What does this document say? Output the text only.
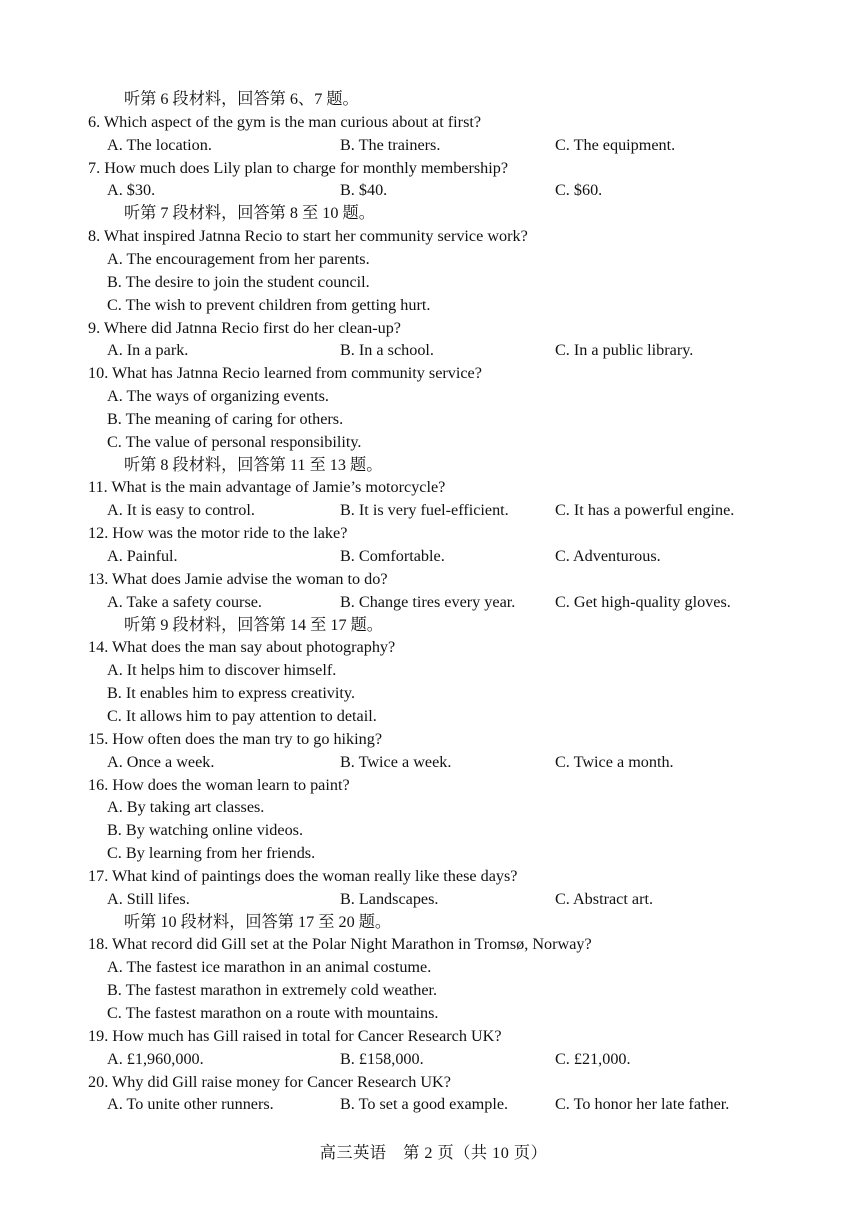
听第 6 段材料，回答第 6、7 题。
6. Which aspect of the gym is the man curious about at first?
A. The location.	B. The trainers.	C. The equipment.
7. How much does Lily plan to charge for monthly membership?
A. $30.	B. $40.	C. $60.
听第 7 段材料，回答第 8 至 10 题。
8. What inspired Jatnna Recio to start her community service work?
A. The encouragement from her parents.
B. The desire to join the student council.
C. The wish to prevent children from getting hurt.
9. Where did Jatnna Recio first do her clean-up?
A. In a park.	B. In a school.	C. In a public library.
10. What has Jatnna Recio learned from community service?
A. The ways of organizing events.
B. The meaning of caring for others.
C. The value of personal responsibility.
听第 8 段材料，回答第 11 至 13 题。
11. What is the main advantage of Jamie’s motorcycle?
A. It is easy to control.	B. It is very fuel-efficient.	C. It has a powerful engine.
12. How was the motor ride to the lake?
A. Painful.	B. Comfortable.	C. Adventurous.
13. What does Jamie advise the woman to do?
A. Take a safety course.	B. Change tires every year. C. Get high-quality gloves.
听第 9 段材料，回答第 14 至 17 题。
14. What does the man say about photography?
A. It helps him to discover himself.
B. It enables him to express creativity.
C. It allows him to pay attention to detail.
15. How often does the man try to go hiking?
A. Once a week.	B. Twice a week.	C. Twice a month.
16. How does the woman learn to paint?
A. By taking art classes.
B. By watching online videos.
C. By learning from her friends.
17. What kind of paintings does the woman really like these days?
A. Still lifes.	B. Landscapes.	C. Abstract art.
听第 10 段材料，回答第 17 至 20 题。
18. What record did Gill set at the Polar Night Marathon in Tromsø, Norway?
A. The fastest ice marathon in an animal costume.
B. The fastest marathon in extremely cold weather.
C. The fastest marathon on a route with mountains.
19. How much has Gill raised in total for Cancer Research UK?
A. £1,960,000.	B. £158,000.	C. £21,000.
20. Why did Gill raise money for Cancer Research UK?
A. To unite other runners.	B. To set a good example.	C. To honor her late father.
高三英语　第 2 页（共 10 页）
